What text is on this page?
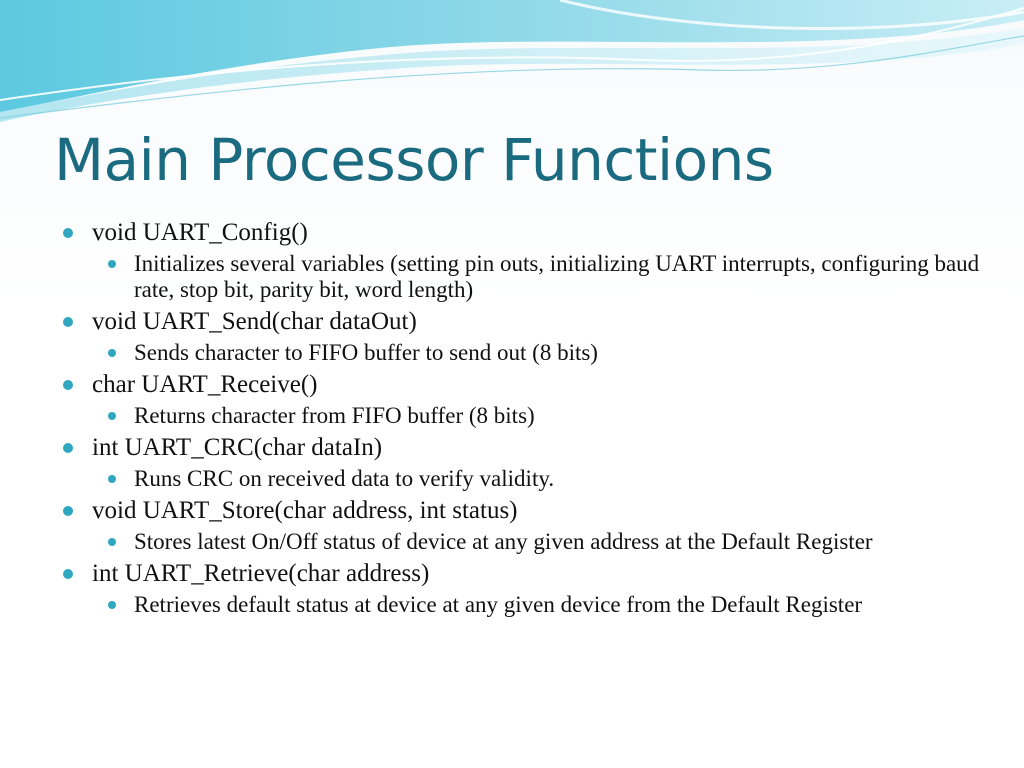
Main Processor Functions
void UART_Config()
Initializes several variables (setting pin outs, initializing UART interrupts, configuring baud rate, stop bit, parity bit, word length)
void UART_Send(char dataOut)
Sends character to FIFO buffer to send out (8 bits)
char UART_Receive()
Returns character from FIFO buffer (8 bits)
int UART_CRC(char dataIn)
Runs CRC on received data to verify validity.
void UART_Store(char address, int status)
Stores latest On/Off status of device at any given address at the Default Register
int UART_Retrieve(char address)
Retrieves default status at device at any given device from the Default Register
